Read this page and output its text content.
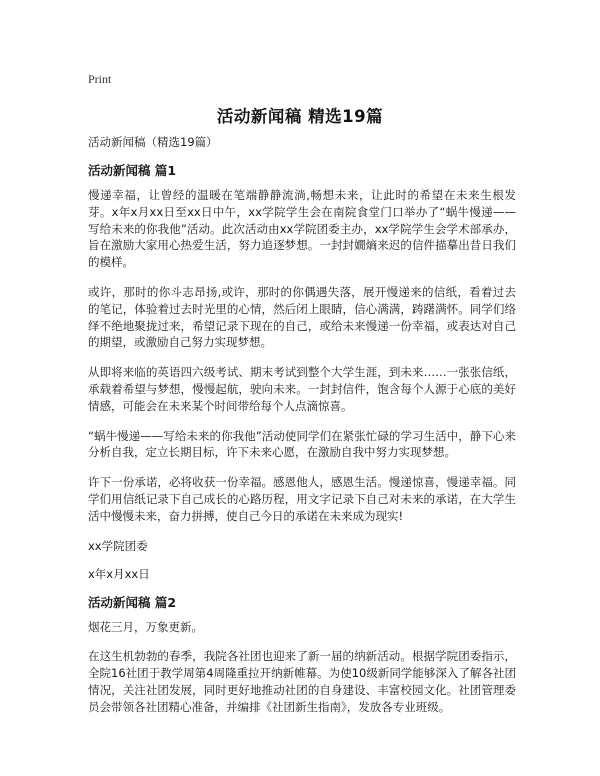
Print
活动新闻稿 精选19篇

活动新闻稿（精选19篇）

活动新闻稿 篇1

慢递幸福，让曾经的温暖在笔端静静流淌,畅想未来，让此时的希望在未来生根发芽。x年x月xx日至xx日中午，xx学院学生会在南院食堂门口举办了“蜗牛慢递——写给未来的你我他”活动。此次活动由xx学院团委主办，xx学院学生会学术部承办，旨在激励大家用心热爱生活，努力追逐梦想。一封封嫺熵来迟的信件描摹出昔日我们的模样。

或许，那时的你斗志昂扬,或许，那时的你偶遇失落，展开慢递来的信纸，看着过去的笔记，体验着过去时光里的心情，然后闭上眼睛，信心满满，踌躇满怀。同学们络绎不绝地聚拢过来，希望记录下现在的自己，或给未来慢递一份幸福，或表达对自己的期望，或激励自己努力实现梦想。

从即将来临的英语四六级考试、期末考试到整个大学生涯，到未来……一张张信纸，承载着希望与梦想，慢慢起航，驶向未来。一封封信件，饱含每个人源于心底的美好情感，可能会在未来某个时间带给每个人点滴惊喜。

“蜗牛慢递——写给未来的你我他”活动使同学们在紧张忙碌的学习生活中，静下心来分析自我，定立长期目标，许下未来心愿，在激励自我中努力实现梦想。

许下一份承诺，必将收获一份幸福。感恩他人，感恩生活。慢递惊喜，慢递幸福。同学们用信纸记录下自己成长的心路历程，用文字记录下自己对未来的承诺，在大学生活中慢慢未来，奋力拼搏，使自己今日的承诺在未来成为现实!

xx学院团委

x年x月xx日

活动新闻稿 篇2

烟花三月，万象更新。

在这生机勃勃的春季，我院各社团也迎来了新一届的纳新活动。根据学院团委指示，全院16社团于教学周第4周隆重拉开纳新帷幕。为使10级新同学能够深入了解各社团情况，关注社团发展，同时更好地推动社团的自身建设、丰富校园文化。社团管理委员会带领各社团精心准备，并编排《社团新生指南》，发放各专业班级。
